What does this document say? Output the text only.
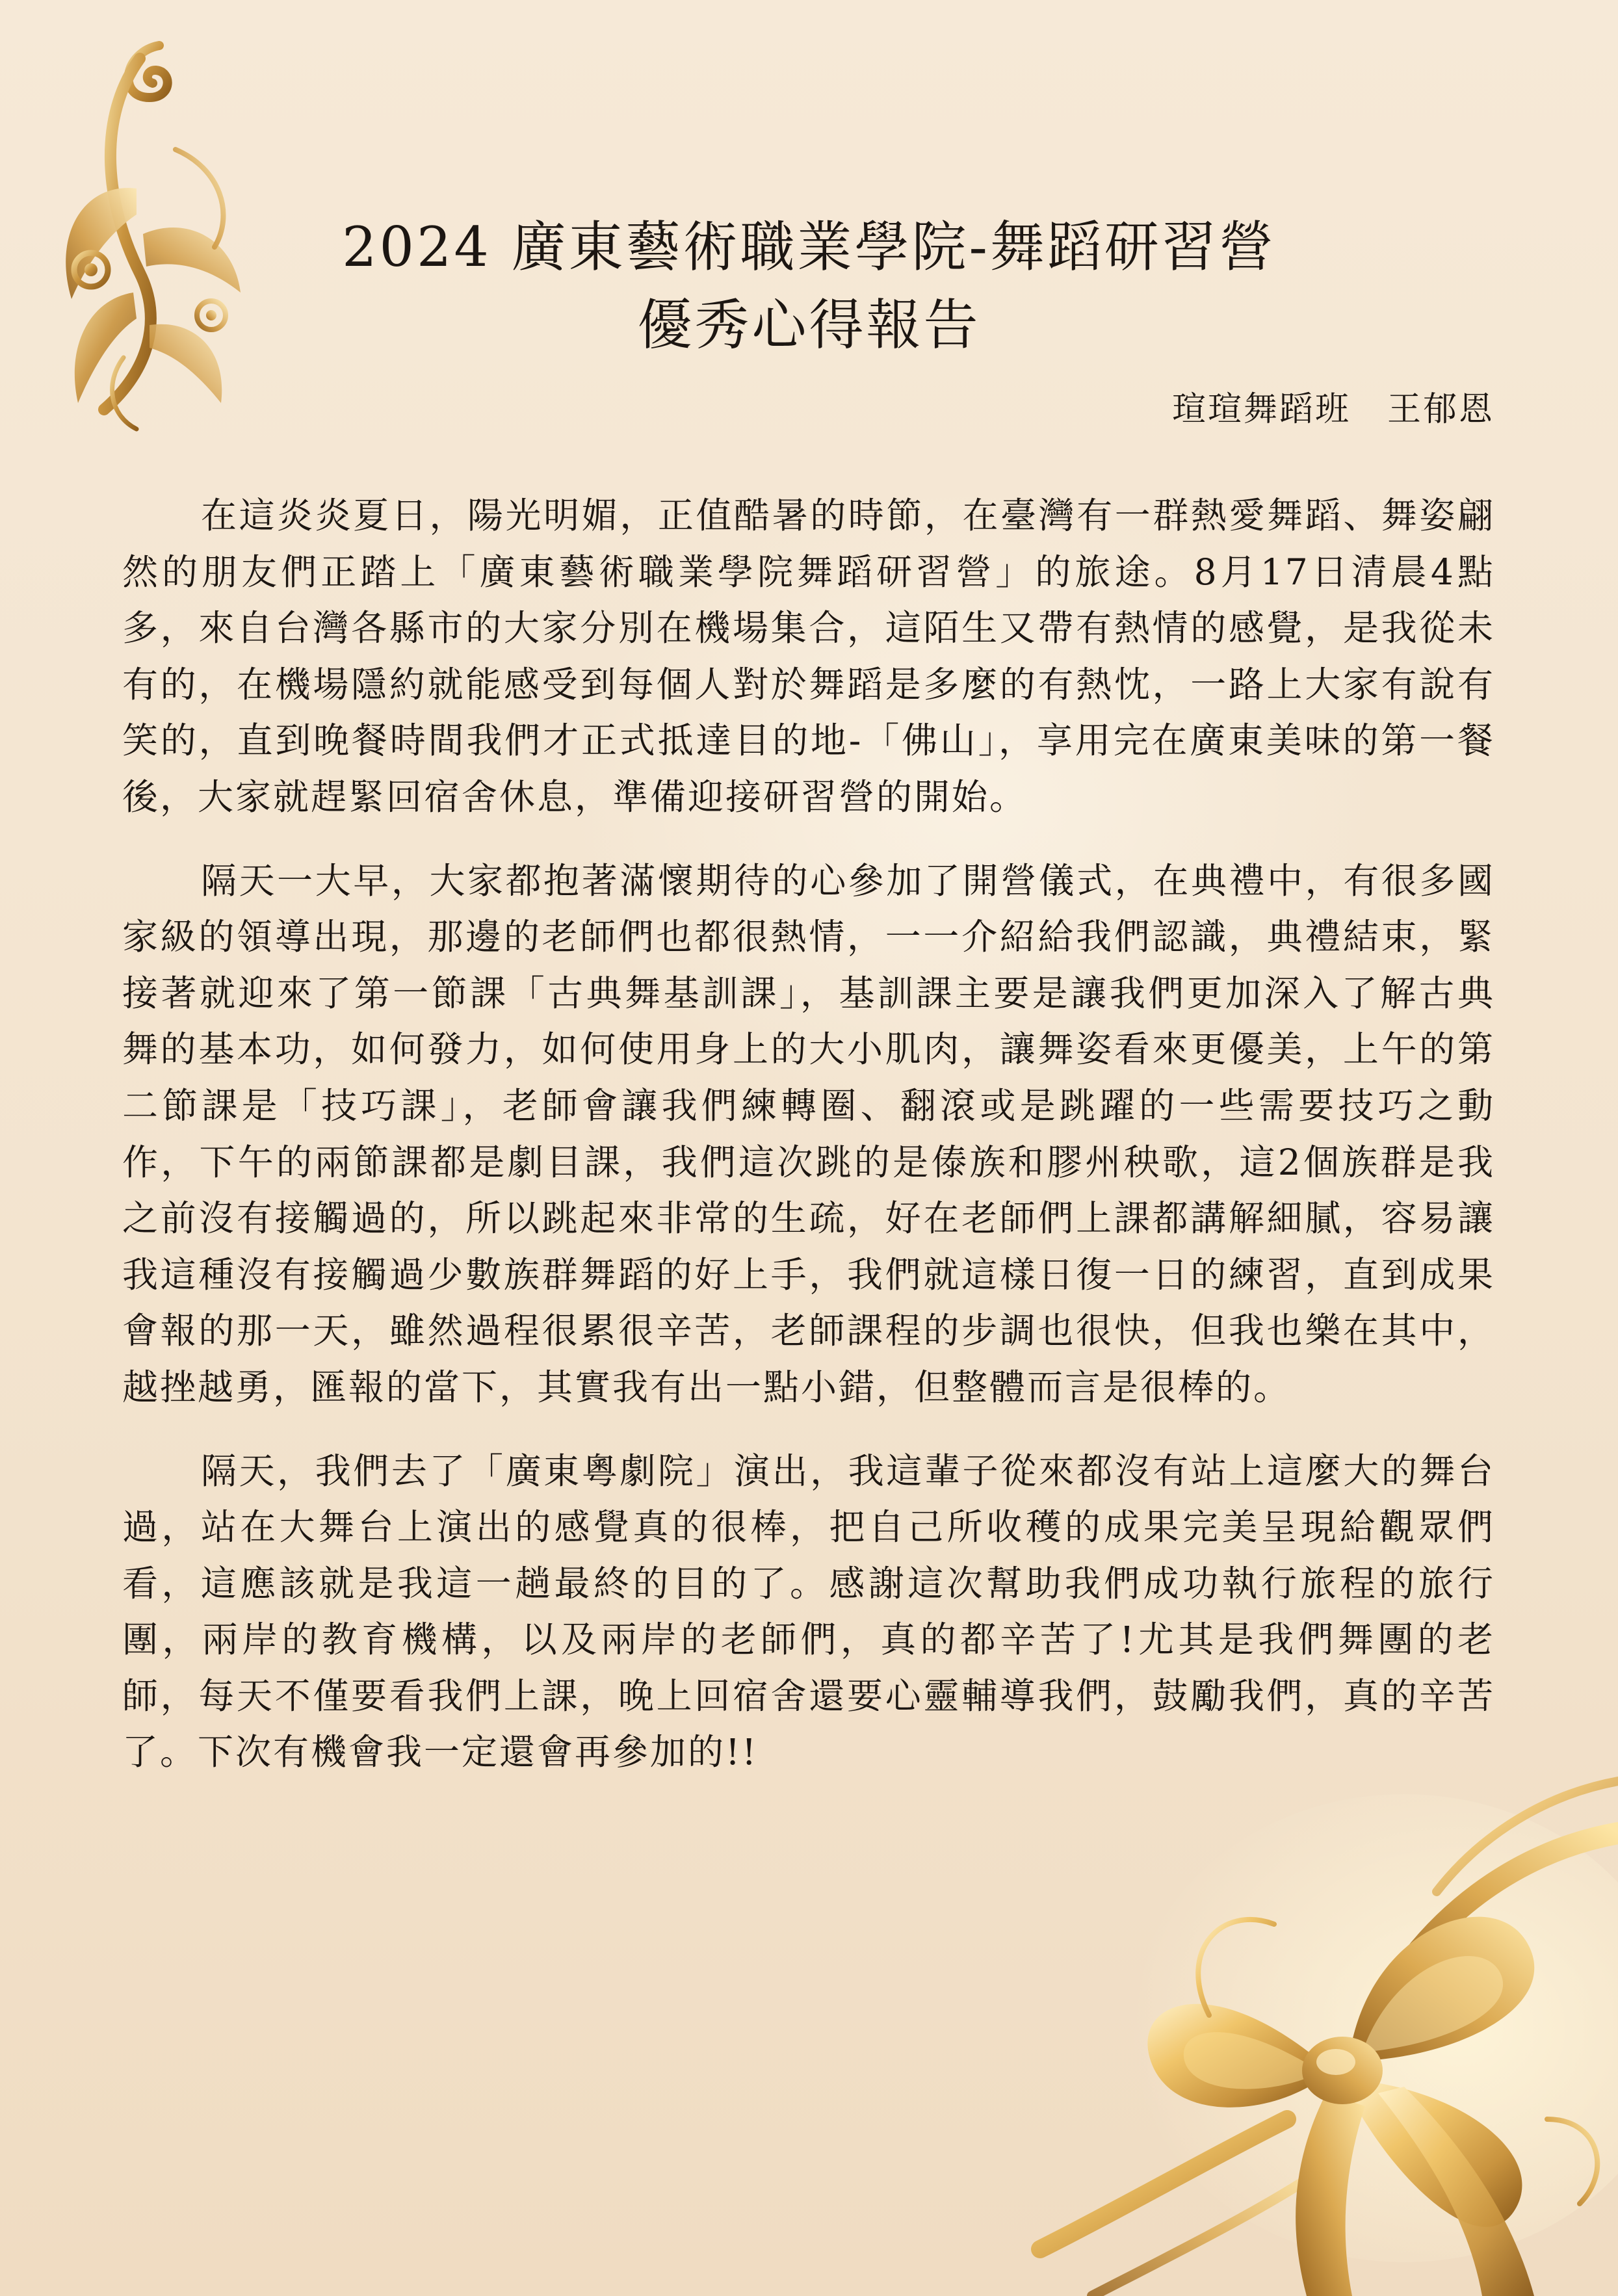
2024 廣東藝術職業學院-舞蹈研習營
優秀心得報告
瑄瑄舞蹈班 王郁恩

在這炎炎夏日，陽光明媚，正值酷暑的時節，在臺灣有一群熱愛舞蹈、舞姿翩然的朋友們正踏上「廣東藝術職業學院舞蹈研習營」的旅途。8月17日清晨4點多，來自台灣各縣市的大家分別在機場集合，這陌生又帶有熱情的感覺，是我從未有的，在機場隱約就能感受到每個人對於舞蹈是多麼的有熱忱，一路上大家有說有笑的，直到晚餐時間我們才正式抵達目的地-「佛山」，享用完在廣東美味的第一餐後，大家就趕緊回宿舍休息，準備迎接研習營的開始。

隔天一大早，大家都抱著滿懷期待的心參加了開營儀式，在典禮中，有很多國家級的領導出現，那邊的老師們也都很熱情，一一介紹給我們認識，典禮結束，緊接著就迎來了第一節課「古典舞基訓課」，基訓課主要是讓我們更加深入了解古典舞的基本功，如何發力，如何使用身上的大小肌肉，讓舞姿看來更優美，上午的第二節課是「技巧課」，老師會讓我們練轉圈、翻滾或是跳躍的一些需要技巧之動作，下午的兩節課都是劇目課，我們這次跳的是傣族和膠州秧歌，這2個族群是我之前沒有接觸過的，所以跳起來非常的生疏，好在老師們上課都講解細膩，容易讓我這種沒有接觸過少數族群舞蹈的好上手，我們就這樣日復一日的練習，直到成果會報的那一天，雖然過程很累很辛苦，老師課程的步調也很快，但我也樂在其中，越挫越勇，匯報的當下，其實我有出一點小錯，但整體而言是很棒的。

隔天，我們去了「廣東粵劇院」演出，我這輩子從來都沒有站上這麼大的舞台過，站在大舞台上演出的感覺真的很棒，把自己所收穫的成果完美呈現給觀眾們看，這應該就是我這一趟最終的目的了。感謝這次幫助我們成功執行旅程的旅行團，兩岸的教育機構，以及兩岸的老師們，真的都辛苦了!尤其是我們舞團的老師，每天不僅要看我們上課，晚上回宿舍還要心靈輔導我們，鼓勵我們，真的辛苦了。下次有機會我一定還會再參加的!!
